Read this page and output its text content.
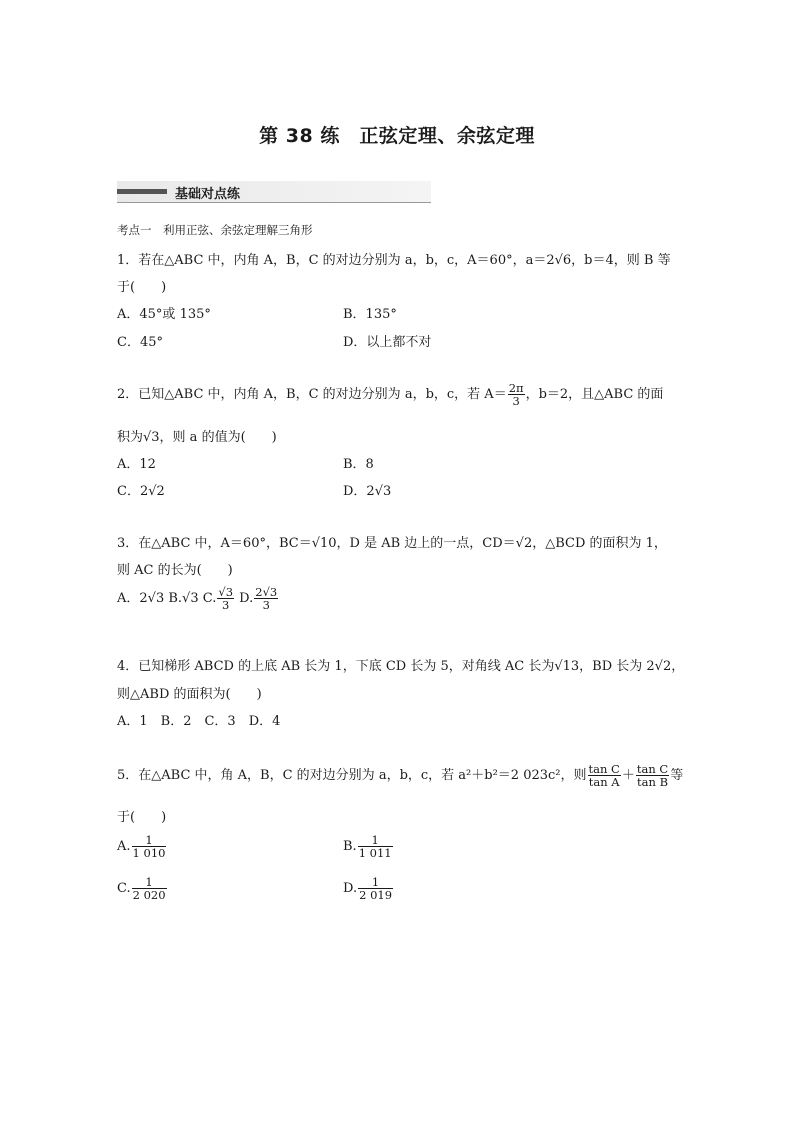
第 38 练　正弦定理、余弦定理
基础对点练
考点一　利用正弦、余弦定理解三角形
1．若在△ABC 中，内角 A，B，C 的对边分别为 a，b，c，A＝60°，a＝2√6，b＝4，则 B 等
于(　　)
A．45°或 135°	B．135°
C．45°	D．以上都不对
2．已知△ABC 中，内角 A，B，C 的对边分别为 a，b，c，若 $A= \frac{2\pi}{3}$ ，b＝2，且△ABC 的面
积为√3，则 a 的值为(　　)
A．12	B．8
C．2√2	D．2√3
3．在△ABC 中，A＝60°，BC＝√10，D 是 AB 边上的一点，CD＝√2，△BCD 的面积为 1，
则 AC 的长为(　　)
A．2√3 B.√3 C. $\frac{√3}{3} D$. $\frac{2√3}{3}$
4．已知梯形 ABCD 的上底 AB 长为 1，下底 CD 长为 5，对角线 AC 长为√13，BD 长为 2√2，
则△ABD 的面积为(　　)
A．1　B．2　C．3　D．4
5．在△ABC 中，角 A，B，C 的对边分别为 a，b，c，若 a²＋b²＝2 023c²，则 $\frac{\text{tan C}}{\text{tan A}} + \frac{\text{tan C}}{\text{tan B}}$ 等
于(　　)
A. $\frac{1}{1 010}$	B. $\frac{1}{1 011}$
C. $\frac{1}{2 020}$	D. $\frac{1}{2 019}$
